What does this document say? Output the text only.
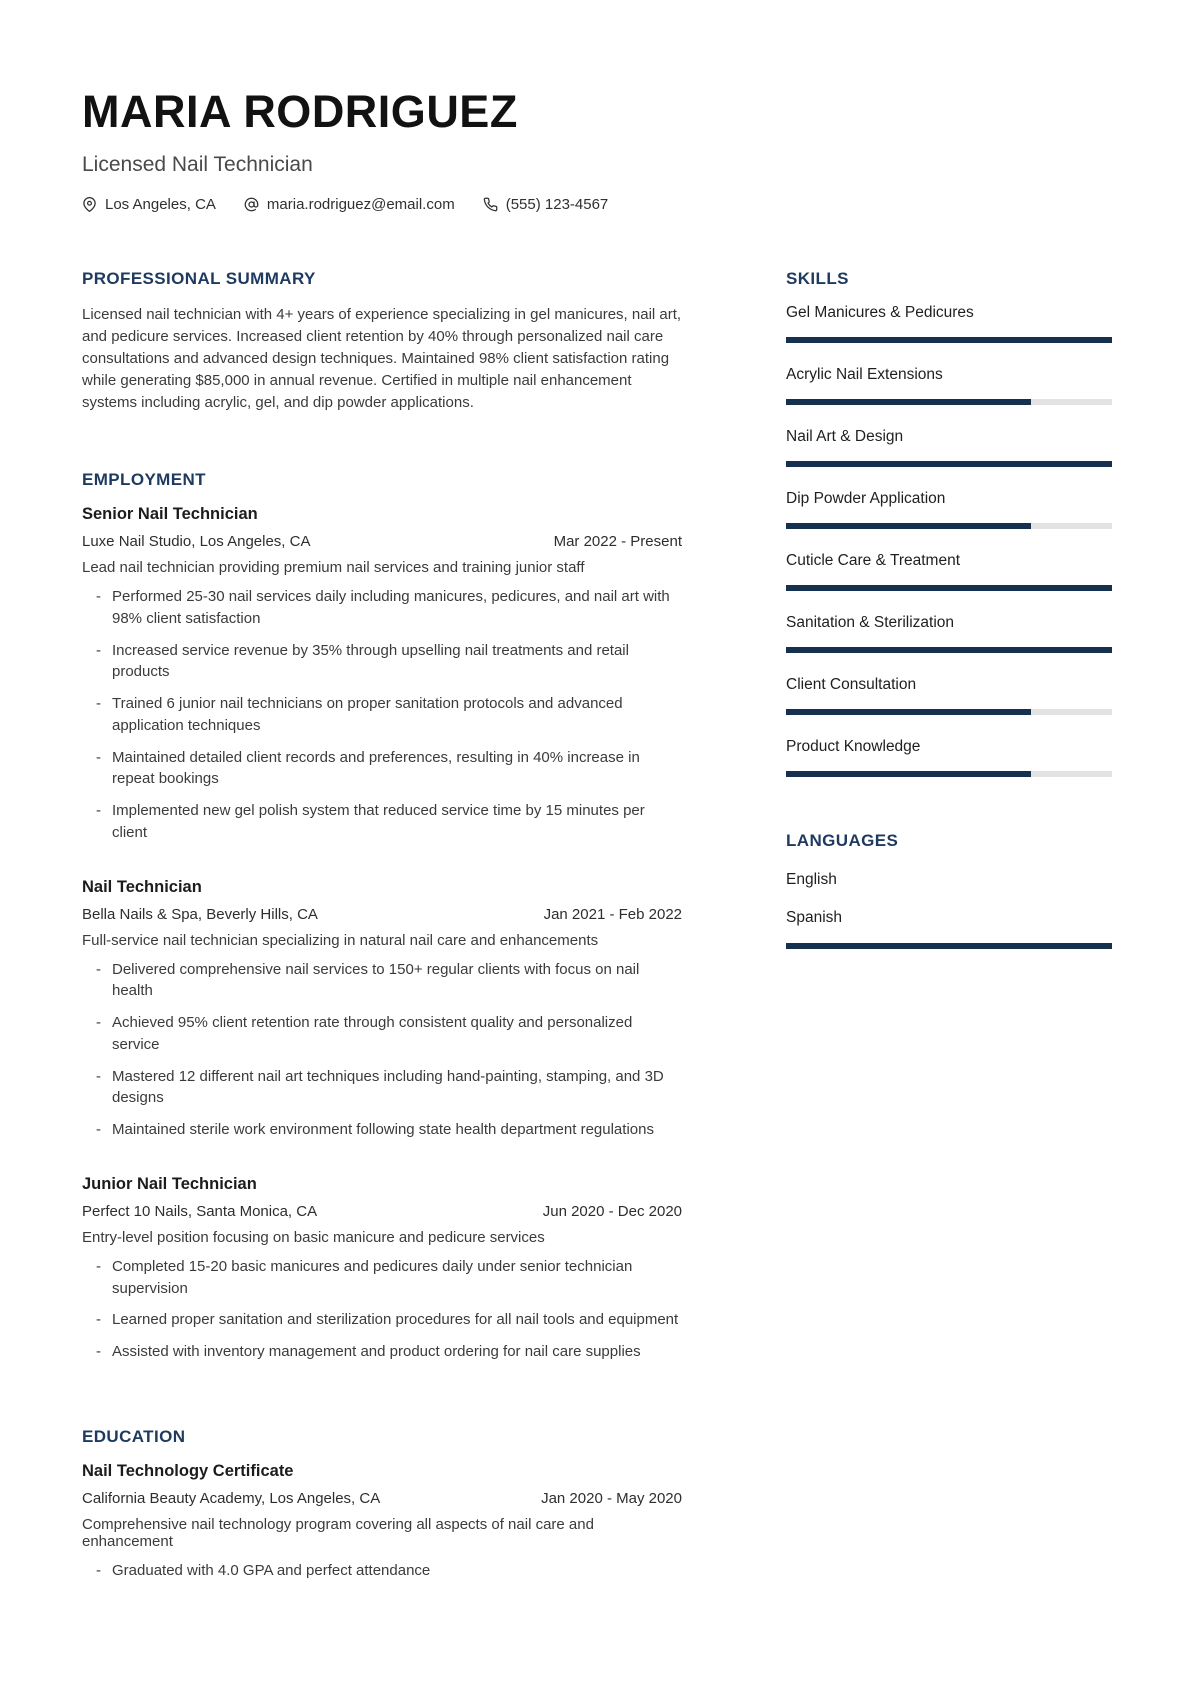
MARIA RODRIGUEZ
Licensed Nail Technician
Los Angeles, CA	maria.rodriguez@email.com	(555) 123-4567
PROFESSIONAL SUMMARY
Licensed nail technician with 4+ years of experience specializing in gel manicures, nail art, and pedicure services. Increased client retention by 40% through personalized nail care consultations and advanced design techniques. Maintained 98% client satisfaction rating while generating $85,000 in annual revenue. Certified in multiple nail enhancement systems including acrylic, gel, and dip powder applications.
EMPLOYMENT
Senior Nail Technician
Luxe Nail Studio, Los Angeles, CA	Mar 2022 - Present
Lead nail technician providing premium nail services and training junior staff
- Performed 25-30 nail services daily including manicures, pedicures, and nail art with 98% client satisfaction
- Increased service revenue by 35% through upselling nail treatments and retail products
- Trained 6 junior nail technicians on proper sanitation protocols and advanced application techniques
- Maintained detailed client records and preferences, resulting in 40% increase in repeat bookings
- Implemented new gel polish system that reduced service time by 15 minutes per client
Nail Technician
Bella Nails & Spa, Beverly Hills, CA	Jan 2021 - Feb 2022
Full-service nail technician specializing in natural nail care and enhancements
- Delivered comprehensive nail services to 150+ regular clients with focus on nail health
- Achieved 95% client retention rate through consistent quality and personalized service
- Mastered 12 different nail art techniques including hand-painting, stamping, and 3D designs
- Maintained sterile work environment following state health department regulations
Junior Nail Technician
Perfect 10 Nails, Santa Monica, CA	Jun 2020 - Dec 2020
Entry-level position focusing on basic manicure and pedicure services
- Completed 15-20 basic manicures and pedicures daily under senior technician supervision
- Learned proper sanitation and sterilization procedures for all nail tools and equipment
- Assisted with inventory management and product ordering for nail care supplies
EDUCATION
Nail Technology Certificate
California Beauty Academy, Los Angeles, CA	Jan 2020 - May 2020
Comprehensive nail technology program covering all aspects of nail care and enhancement
- Graduated with 4.0 GPA and perfect attendance
SKILLS
Gel Manicures & Pedicures
Acrylic Nail Extensions
Nail Art & Design
Dip Powder Application
Cuticle Care & Treatment
Sanitation & Sterilization
Client Consultation
Product Knowledge
LANGUAGES
English
Spanish
